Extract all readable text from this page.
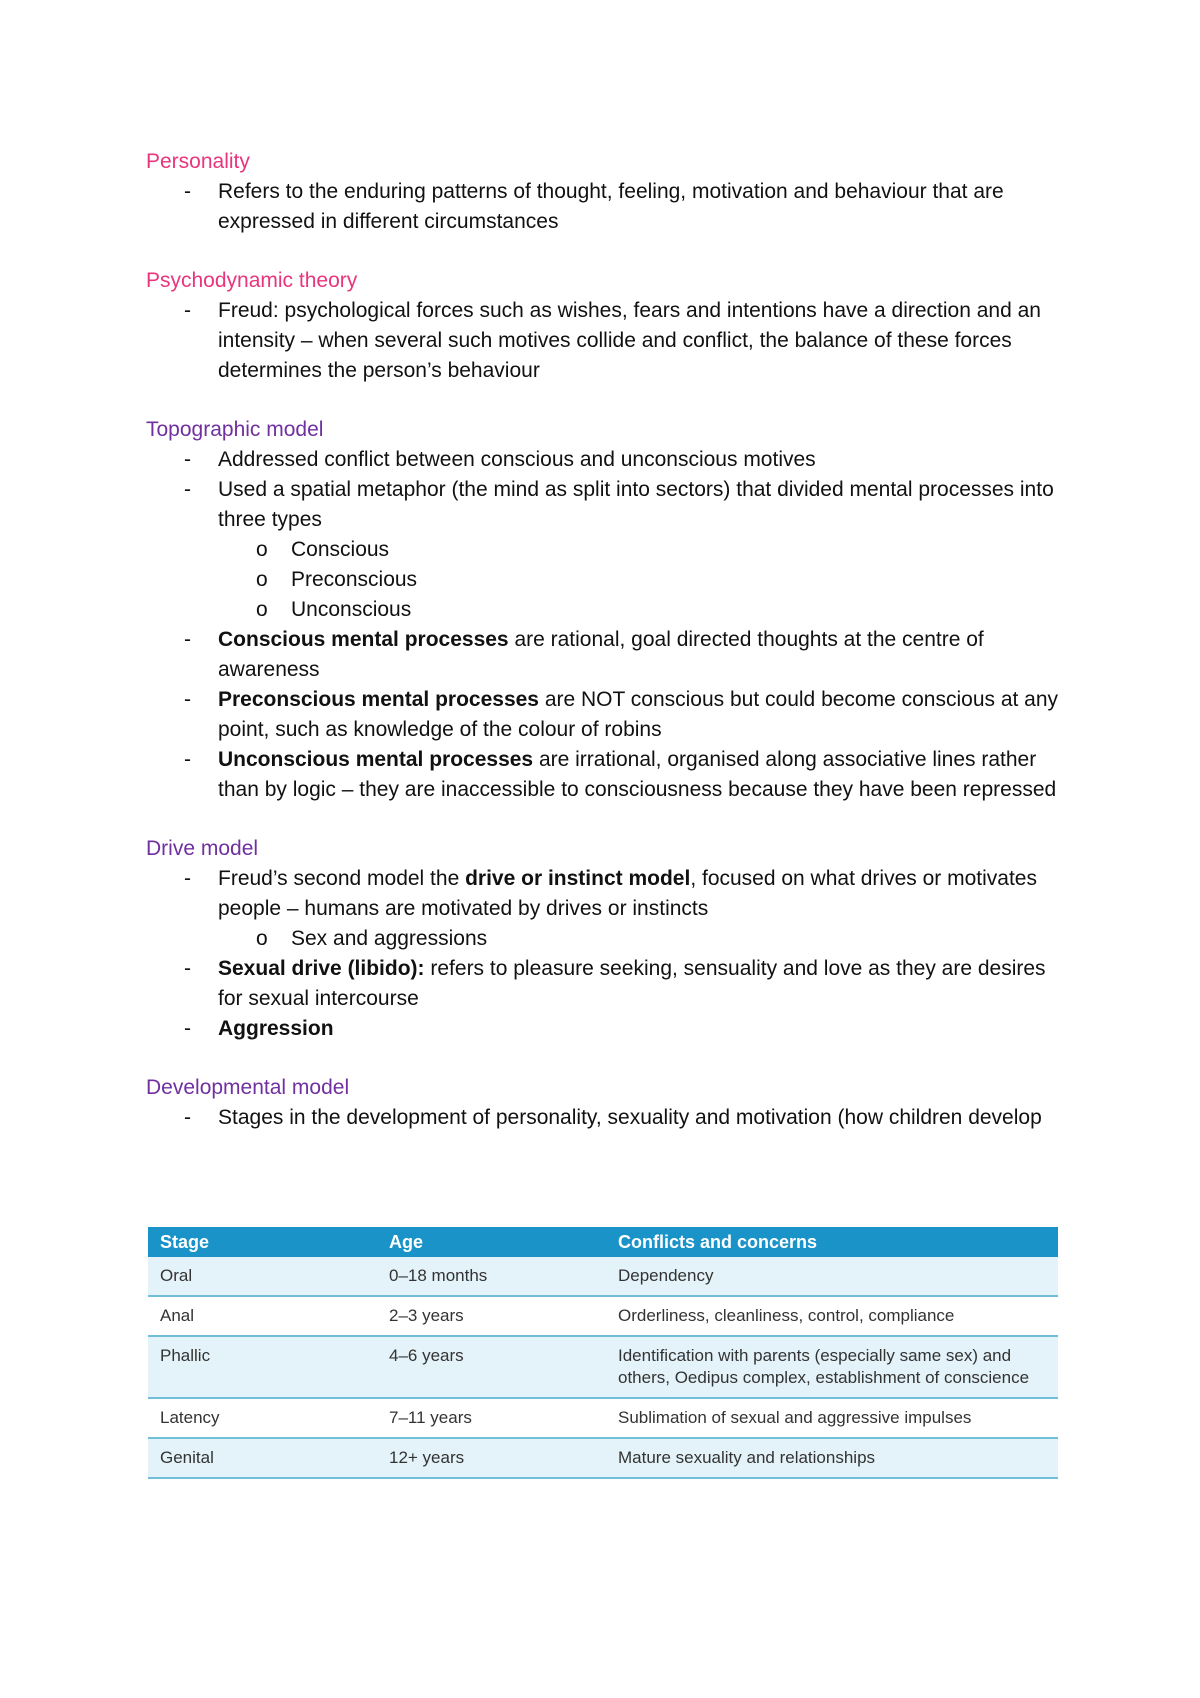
Personality
- Refers to the enduring patterns of thought, feeling, motivation and behaviour that are expressed in different circumstances
Psychodynamic theory
- Freud: psychological forces such as wishes, fears and intentions have a direction and an intensity – when several such motives collide and conflict, the balance of these forces determines the person’s behaviour
Topographic model
- Addressed conflict between conscious and unconscious motives
- Used a spatial metaphor (the mind as split into sectors) that divided mental processes into three types
o Conscious
o Preconscious
o Unconscious
- Conscious mental processes are rational, goal directed thoughts at the centre of awareness
- Preconscious mental processes are NOT conscious but could become conscious at any point, such as knowledge of the colour of robins
- Unconscious mental processes are irrational, organised along associative lines rather than by logic – they are inaccessible to consciousness because they have been repressed
Drive model
- Freud’s second model the drive or instinct model, focused on what drives or motivates people – humans are motivated by drives or instincts
o Sex and aggressions
- Sexual drive (libido): refers to pleasure seeking, sensuality and love as they are desires for sexual intercourse
- Aggression
Developmental model
- Stages in the development of personality, sexuality and motivation (how children develop
Stage	Age	Conflicts and concerns
Oral	0–18 months	Dependency
Anal	2–3 years	Orderliness, cleanliness, control, compliance
Phallic	4–6 years	Identification with parents (especially same sex) and others, Oedipus complex, establishment of conscience
Latency	7–11 years	Sublimation of sexual and aggressive impulses
Genital	12+ years	Mature sexuality and relationships
